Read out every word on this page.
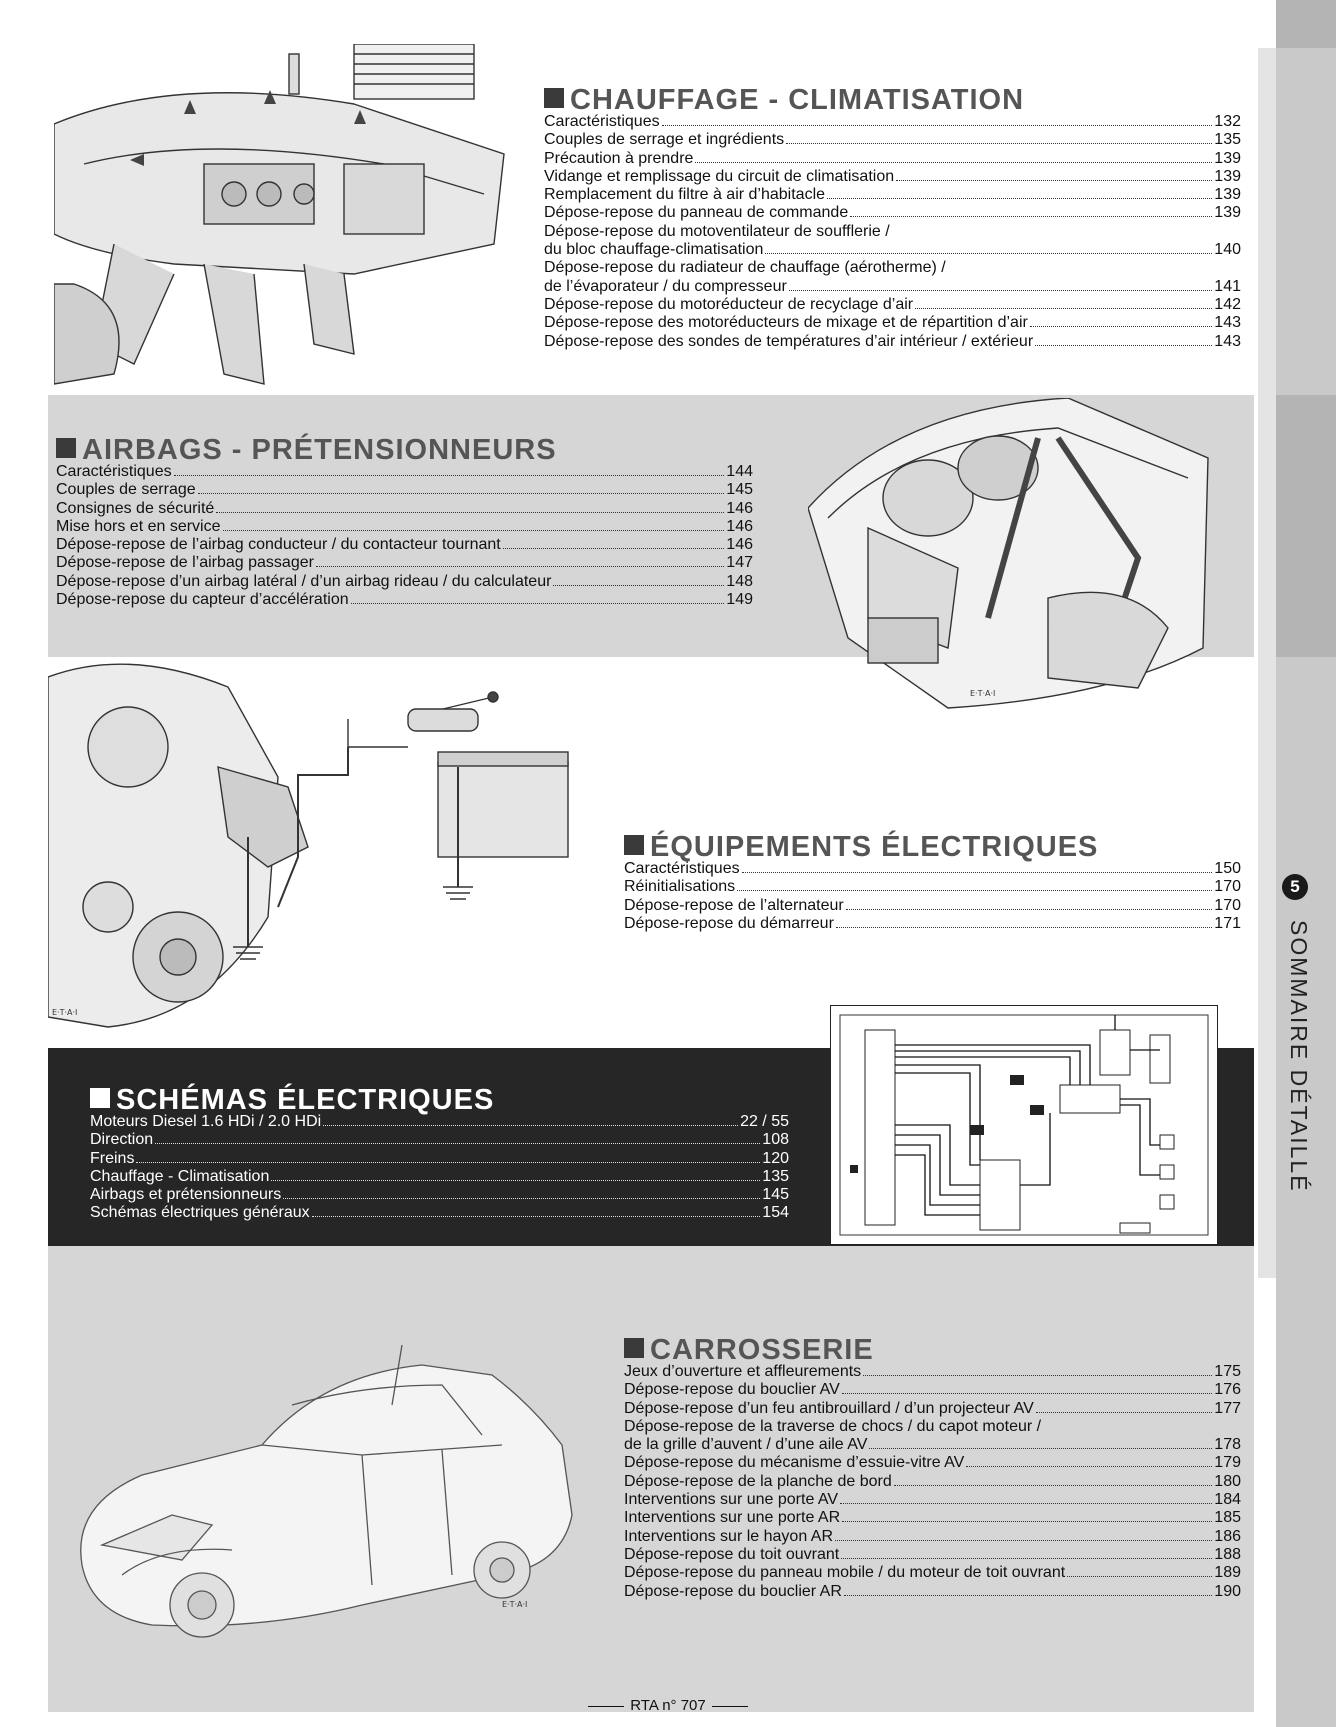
5
SOMMAIRE DÉTAILLÉ
CHAUFFAGE - CLIMATISATION
Caractéristiques	132
Couples de serrage et ingrédients	135
Précaution à prendre	139
Vidange et remplissage du circuit de climatisation	139
Remplacement du filtre à air d’habitacle	139
Dépose-repose du panneau de commande	139
Dépose-repose du motoventilateur de soufflerie /
du bloc chauffage-climatisation	140
Dépose-repose du radiateur de chauffage (aérotherme) /
de l’évaporateur / du compresseur	141
Dépose-repose du motoréducteur de recyclage d’air	142
Dépose-repose des motoréducteurs de mixage et de répartition d’air	143
Dépose-repose des sondes de températures d’air intérieur / extérieur	143
AIRBAGS - PRÉTENSIONNEURS
Caractéristiques	144
Couples de serrage	145
Consignes de sécurité	146
Mise hors et en service	146
Dépose-repose de l’airbag conducteur / du contacteur tournant	146
Dépose-repose de l’airbag passager	147
Dépose-repose d’un airbag latéral / d’un airbag rideau / du calculateur	148
Dépose-repose du capteur d’accélération	149
E·T·A·I
E·T·A·I
ÉQUIPEMENTS ÉLECTRIQUES
Caractéristiques	150
Réinitialisations	170
Dépose-repose de l’alternateur	170
Dépose-repose du démarreur	171
SCHÉMAS ÉLECTRIQUES
Moteurs Diesel 1.6 HDi / 2.0 HDi	22 / 55
Direction	108
Freins	120
Chauffage - Climatisation	135
Airbags et prétensionneurs	145
Schémas électriques généraux	154
E·T·A·I
CARROSSERIE
Jeux d’ouverture et affleurements	175
Dépose-repose du bouclier AV	176
Dépose-repose d’un feu antibrouillard / d’un projecteur AV	177
Dépose-repose de la traverse de chocs / du capot moteur /
de la grille d’auvent / d’une aile AV	178
Dépose-repose du mécanisme d’essuie-vitre AV	179
Dépose-repose de la planche de bord	180
Interventions sur une porte AV	184
Interventions sur une porte AR	185
Interventions sur le hayon AR	186
Dépose-repose du toit ouvrant	188
Dépose-repose du panneau mobile / du moteur de toit ouvrant	189
Dépose-repose du bouclier AR	190
RTA n° 707
